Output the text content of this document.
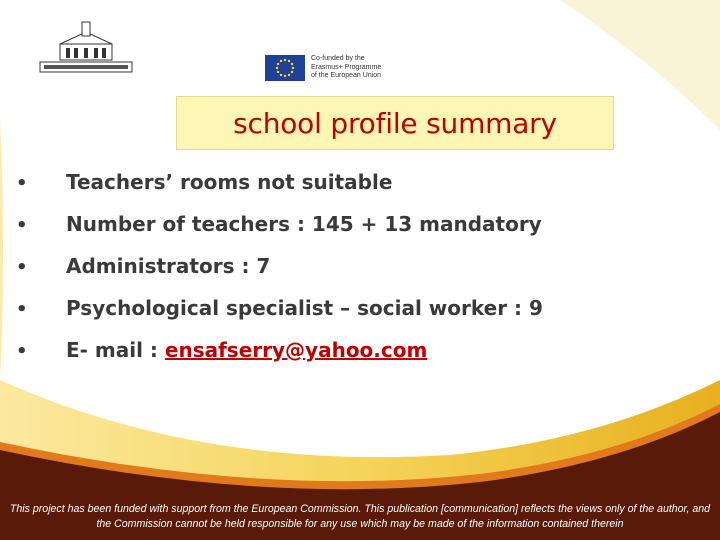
Co-funded by the
Erasmus+ Programme
of the European Union
school profile summary
•	Teachers’ rooms not suitable
•	Number of teachers : 145 + 13 mandatory
•	Administrators : 7
•	Psychological specialist – social worker : 9
•	E- mail : ensafserry@yahoo.com
This project has been funded with support from the European Commission. This publication [communication] reflects the views only of the author, and the Commission cannot be held responsible for any use which may be made of the information contained therein
